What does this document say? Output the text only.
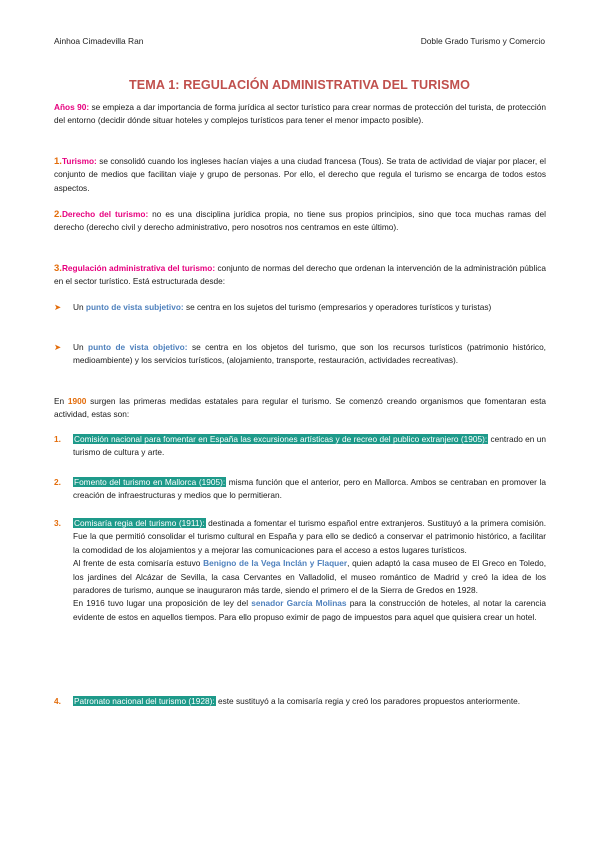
Ainhoa Cimadevilla Ran	Doble Grado Turismo y Comercio
TEMA 1: REGULACIÓN ADMINISTRATIVA DEL TURISMO
Años 90: se empieza a dar importancia de forma jurídica al sector turístico para crear normas de protección del turista, de protección del entorno (decidir dónde situar hoteles y complejos turísticos para tener el menor impacto posible).
1.Turismo: se consolidó cuando los ingleses hacían viajes a una ciudad francesa (Tous). Se trata de actividad de viajar por placer, el conjunto de medios que facilitan viaje y grupo de personas. Por ello, el derecho que regula el turismo se encarga de todos estos aspectos.
2.Derecho del turismo: no es una disciplina jurídica propia, no tiene sus propios principios, sino que toca muchas ramas del derecho (derecho civil y derecho administrativo, pero nosotros nos centramos en este último).
3.Regulación administrativa del turismo: conjunto de normas del derecho que ordenan la intervención de la administración pública en el sector turístico. Está estructurada desde:
➤ Un punto de vista subjetivo: se centra en los sujetos del turismo (empresarios y operadores turísticos y turistas)
➤ Un punto de vista objetivo: se centra en los objetos del turismo, que son los recursos turísticos (patrimonio histórico, medioambiente) y los servicios turísticos, (alojamiento, transporte, restauración, actividades recreativas).
En 1900 surgen las primeras medidas estatales para regular el turismo. Se comenzó creando organismos que fomentaran esta actividad, estas son:
1. Comisión nacional para fomentar en España las excursiones artísticas y de recreo del publico extranjero (1905): centrado en un turismo de cultura y arte.
2. Fomento del turismo en Mallorca (1905): misma función que el anterior, pero en Mallorca. Ambos se centraban en promover la creación de infraestructuras y medios que lo permitieran.
3. Comisaría regia del turismo (1911): destinada a fomentar el turismo español entre extranjeros. Sustituyó a la primera comisión. Fue la que permitió consolidar el turismo cultural en España y para ello se dedicó a conservar el patrimonio histórico, a facilitar la comodidad de los alojamientos y a mejorar las comunicaciones para el acceso a estos lugares turísticos.
Al frente de esta comisaría estuvo Benigno de la Vega Inclán y Flaquer, quien adaptó la casa museo de El Greco en Toledo, los jardines del Alcázar de Sevilla, la casa Cervantes en Valladolid, el museo romántico de Madrid y creó la idea de los paradores de turismo, aunque se inauguraron más tarde, siendo el primero el de la Sierra de Gredos en 1928.
En 1916 tuvo lugar una proposición de ley del senador García Molinas para la construcción de hoteles, al notar la carencia evidente de estos en aquellos tiempos. Para ello propuso eximir de pago de impuestos para aquel que quisiera crear un hotel.
4. Patronato nacional del turismo (1928): este sustituyó a la comisaría regia y creó los paradores propuestos anteriormente.
